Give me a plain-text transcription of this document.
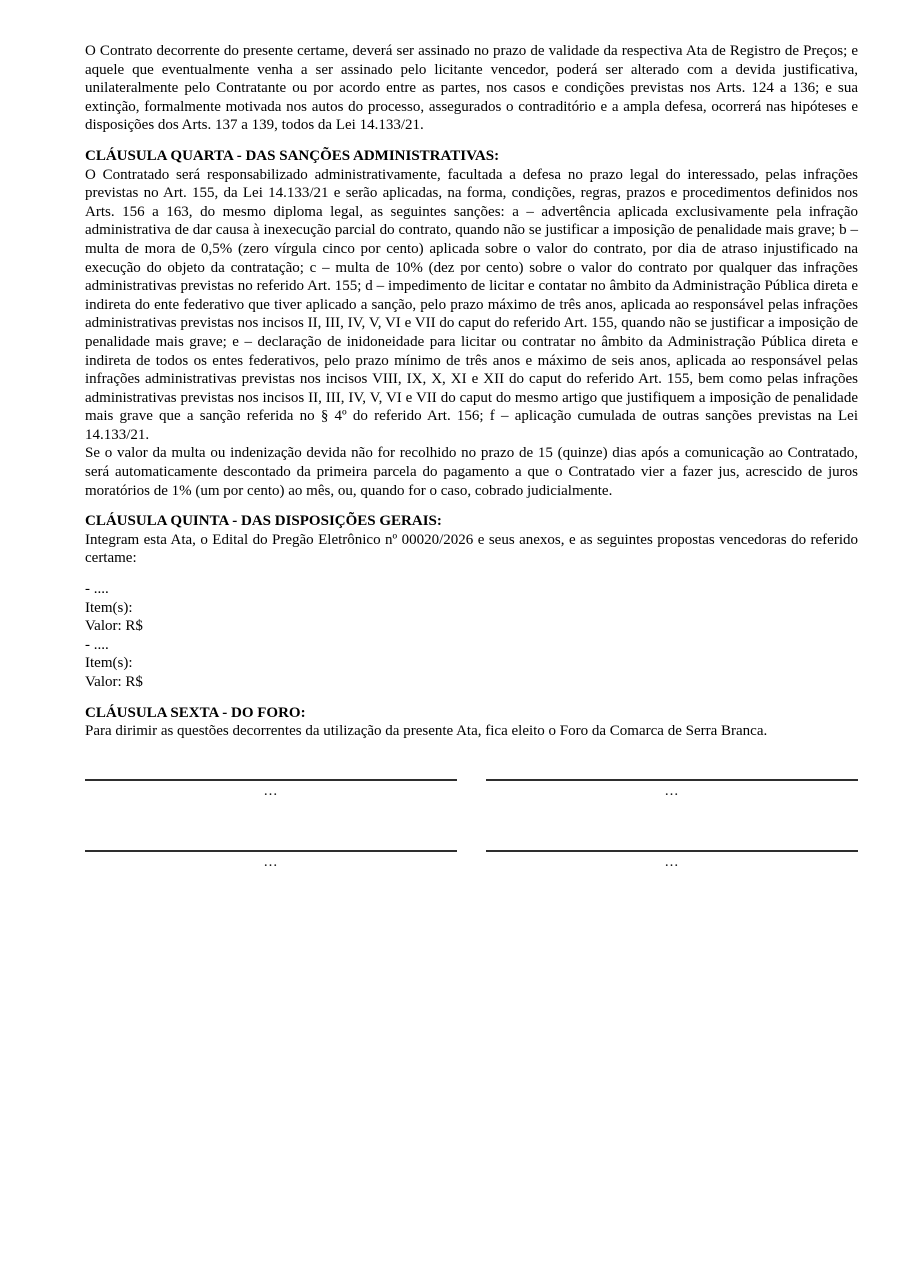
O Contrato decorrente do presente certame, deverá ser assinado no prazo de validade da respectiva Ata de Registro de Preços; e aquele que eventualmente venha a ser assinado pelo licitante vencedor, poderá ser alterado com a devida justificativa, unilateralmente pelo Contratante ou por acordo entre as partes, nos casos e condições previstas nos Arts. 124 a 136; e sua extinção, formalmente motivada nos autos do processo, assegurados o contraditório e a ampla defesa, ocorrerá nas hipóteses e disposições dos Arts. 137 a 139, todos da Lei 14.133/21.

CLÁUSULA QUARTA - DAS SANÇÕES ADMINISTRATIVAS:

O Contratado será responsabilizado administrativamente, facultada a defesa no prazo legal do interessado, pelas infrações previstas no Art. 155, da Lei 14.133/21 e serão aplicadas, na forma, condições, regras, prazos e procedimentos definidos nos Arts. 156 a 163, do mesmo diploma legal, as seguintes sanções: a – advertência aplicada exclusivamente pela infração administrativa de dar causa à inexecução parcial do contrato, quando não se justificar a imposição de penalidade mais grave; b – multa de mora de 0,5% (zero vírgula cinco por cento) aplicada sobre o valor do contrato, por dia de atraso injustificado na execução do objeto da contratação; c – multa de 10% (dez por cento) sobre o valor do contrato por qualquer das infrações administrativas previstas no referido Art. 155; d – impedimento de licitar e contatar no âmbito da Administração Pública direta e indireta do ente federativo que tiver aplicado a sanção, pelo prazo máximo de três anos, aplicada ao responsável pelas infrações administrativas previstas nos incisos II, III, IV, V, VI e VII do caput do referido Art. 155, quando não se justificar a imposição de penalidade mais grave; e – declaração de inidoneidade para licitar ou contratar no âmbito da Administração Pública direta e indireta de todos os entes federativos, pelo prazo mínimo de três anos e máximo de seis anos, aplicada ao responsável pelas infrações administrativas previstas nos incisos VIII, IX, X, XI e XII do caput do referido Art. 155, bem como pelas infrações administrativas previstas nos incisos II, III, IV, V, VI e VII do caput do mesmo artigo que justifiquem a imposição de penalidade mais grave que a sanção referida no § 4º do referido Art. 156; f – aplicação cumulada de outras sanções previstas na Lei 14.133/21.

Se o valor da multa ou indenização devida não for recolhido no prazo de 15 (quinze) dias após a comunicação ao Contratado, será automaticamente descontado da primeira parcela do pagamento a que o Contratado vier a fazer jus, acrescido de juros moratórios de 1% (um por cento) ao mês, ou, quando for o caso, cobrado judicialmente.

CLÁUSULA QUINTA - DAS DISPOSIÇÕES GERAIS:

Integram esta Ata, o Edital do Pregão Eletrônico nº 00020/2026 e seus anexos, e as seguintes propostas vencedoras do referido certame:

- ....

Item(s):

Valor: R$

- ....

Item(s):

Valor: R$

CLÁUSULA SEXTA - DO FORO:

Para dirimir as questões decorrentes da utilização da presente Ata, fica eleito o Foro da Comarca de Serra Branca.

...	...
...	...
